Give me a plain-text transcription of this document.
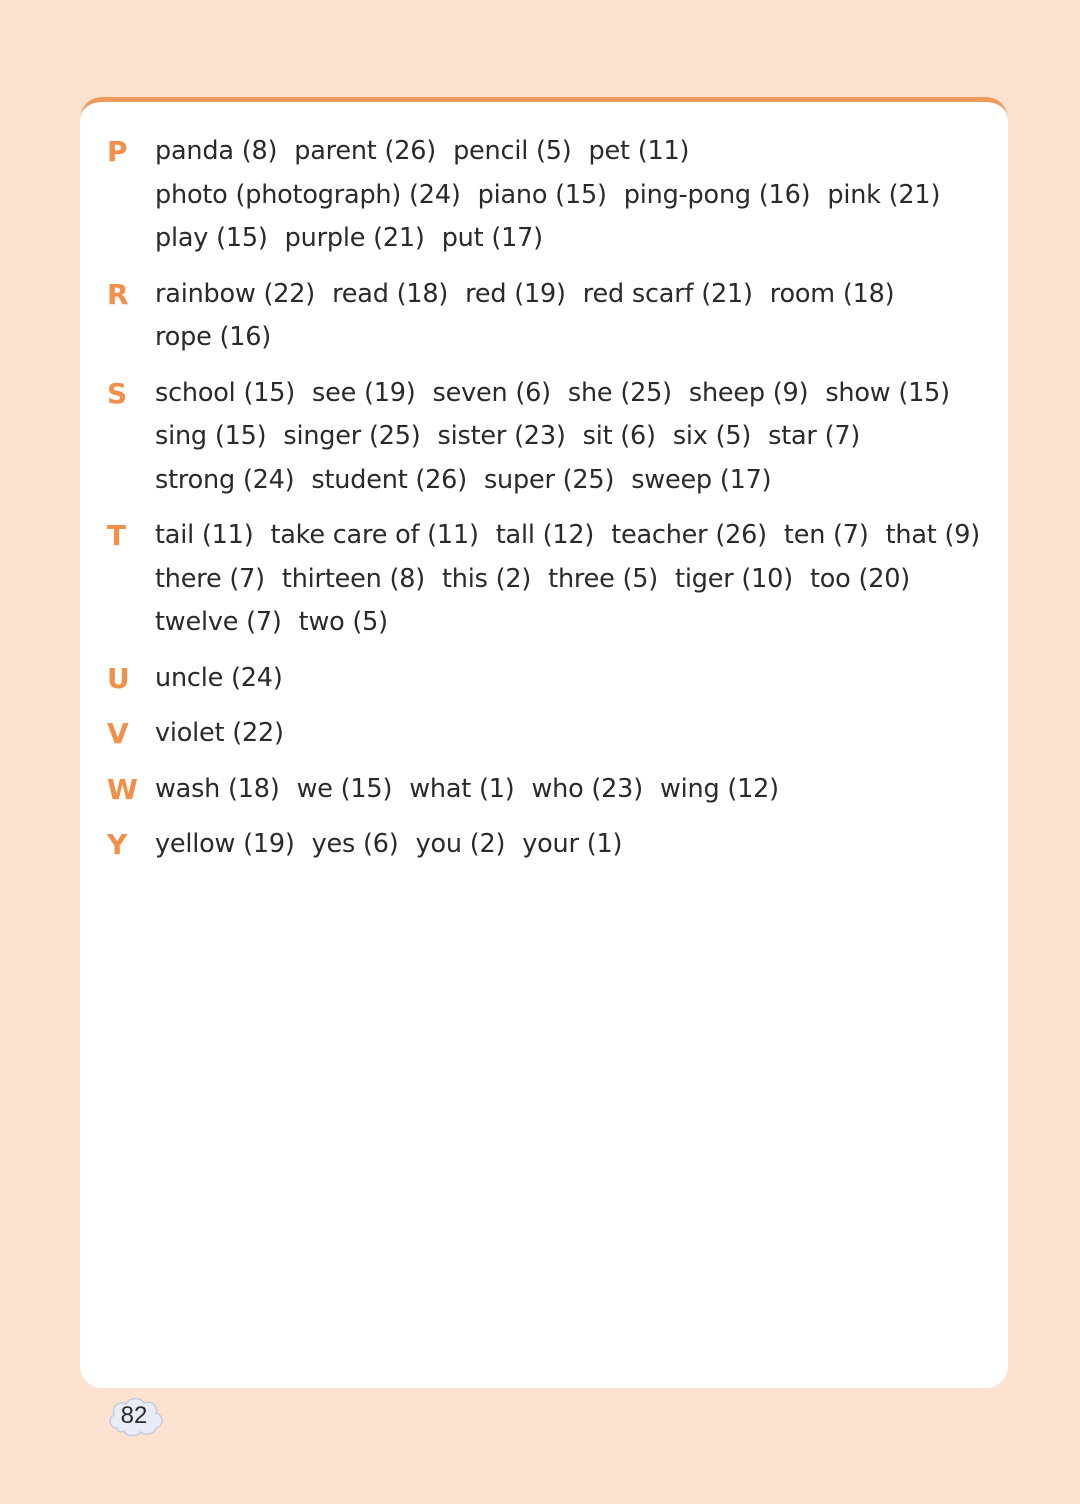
P	panda (8) parent (26) pencil (5) pet (11)
photo (photograph) (24) piano (15) ping-pong (16) pink (21)
play (15) purple (21) put (17)
R	rainbow (22) read (18) red (19) red scarf (21) room (18)
rope (16)
S	school (15) see (19) seven (6) she (25) sheep (9) show (15)
sing (15) singer (25) sister (23) sit (6) six (5) star (7)
strong (24) student (26) super (25) sweep (17)
T	tail (11) take care of (11) tall (12) teacher (26) ten (7) that (9)
there (7) thirteen (8) this (2) three (5) tiger (10) too (20)
twelve (7) two (5)
U uncle (24)
V	violet (22)
W wash (18) we (15) what (1) who (23) wing (12)
Y	yellow (19) yes (6) you (2) your (1)
82
